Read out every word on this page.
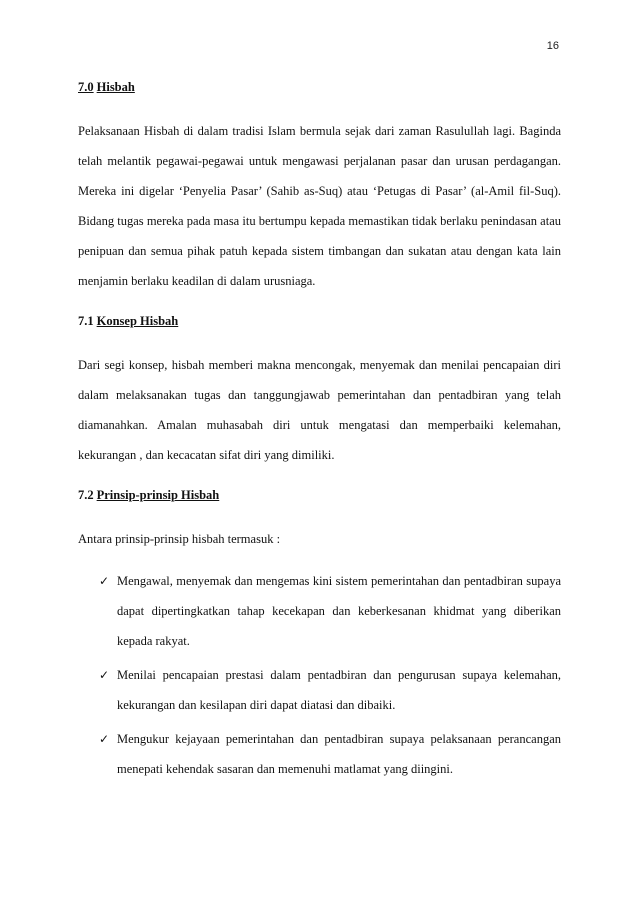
16
7.0 Hisbah

Pelaksanaan Hisbah di dalam tradisi Islam bermula sejak dari zaman Rasulullah lagi. Baginda telah melantik pegawai-pegawai untuk mengawasi perjalanan pasar dan urusan perdagangan. Mereka ini digelar ‘Penyelia Pasar’ (Sahib as-Suq) atau ‘Petugas di Pasar’ (al-Amil fil-Suq). Bidang tugas mereka pada masa itu bertumpu kepada memastikan tidak berlaku penindasan atau penipuan dan semua pihak patuh kepada sistem timbangan dan sukatan atau dengan kata lain menjamin berlaku keadilan di dalam urusniaga.

7.1 Konsep Hisbah

Dari segi konsep, hisbah memberi makna mencongak, menyemak dan menilai pencapaian diri dalam melaksanakan tugas dan tanggungjawab pemerintahan dan pentadbiran yang telah diamanahkan. Amalan muhasabah diri untuk mengatasi dan memperbaiki kelemahan, kekurangan , dan kecacatan sifat diri yang dimiliki.

7.2 Prinsip-prinsip Hisbah

Antara prinsip-prinsip hisbah termasuk :

✓ Mengawal, menyemak dan mengemas kini sistem pemerintahan dan pentadbiran supaya dapat dipertingkatkan tahap kecekapan dan keberkesanan khidmat yang diberikan kepada rakyat.
✓ Menilai pencapaian prestasi dalam pentadbiran dan pengurusan supaya kelemahan, kekurangan dan kesilapan diri dapat diatasi dan dibaiki.
✓ Mengukur kejayaan pemerintahan dan pentadbiran supaya pelaksanaan perancangan menepati kehendak sasaran dan memenuhi matlamat yang diingini.
